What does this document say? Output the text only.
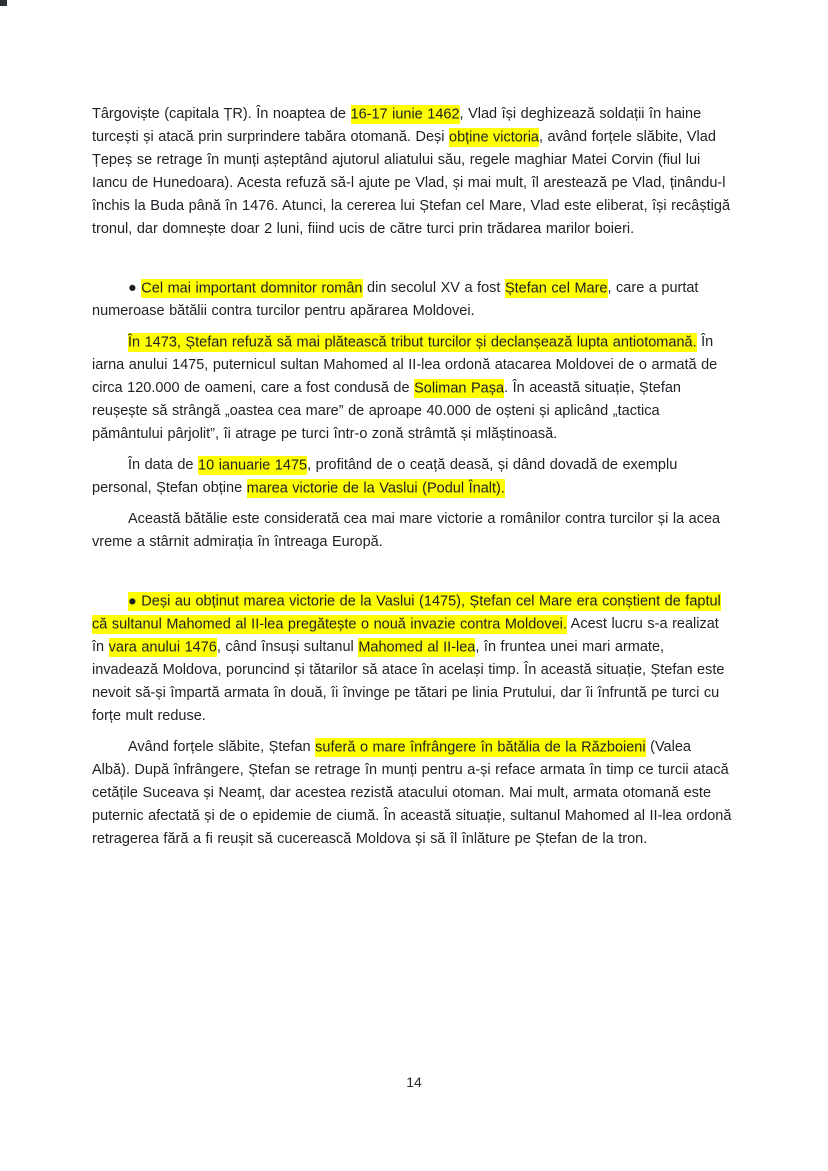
Târgoviște (capitala ȚR). În noaptea de 16-17 iunie 1462, Vlad își deghizează soldații în haine turcești și atacă prin surprindere tabăra otomană. Deși obține victoria, având forțele slăbite, Vlad Țepeș se retrage în munți așteptând ajutorul aliatului său, regele maghiar Matei Corvin (fiul lui Iancu de Hunedoara). Acesta refuză să-l ajute pe Vlad, și mai mult, îl arestează pe Vlad, ținându-l închis la Buda până în 1476. Atunci, la cererea lui Ștefan cel Mare, Vlad este eliberat, își recâștigă tronul, dar domnește doar 2 luni, fiind ucis de către turci prin trădarea marilor boieri.

● Cel mai important domnitor român din secolul XV a fost Ștefan cel Mare, care a purtat numeroase bătălii contra turcilor pentru apărarea Moldovei.

În 1473, Ștefan refuză să mai plătească tribut turcilor și declanșează lupta antiotomană. În iarna anului 1475, puternicul sultan Mahomed al II-lea ordonă atacarea Moldovei de o armată de circa 120.000 de oameni, care a fost condusă de Soliman Pașa. În această situație, Ștefan reușește să strângă „oastea cea mare” de aproape 40.000 de oșteni și aplicând „tactica pământului pârjolit”, îi atrage pe turci într-o zonă strâmtă și mlăștinoasă.

În data de 10 ianuarie 1475, profitând de o ceață deasă, și dând dovadă de exemplu personal, Ștefan obține marea victorie de la Vaslui (Podul Înalt).

Această bătălie este considerată cea mai mare victorie a românilor contra turcilor și la acea vreme a stârnit admirația în întreaga Europă.

● Deși au obținut marea victorie de la Vaslui (1475), Ștefan cel Mare era conștient de faptul că sultanul Mahomed al II-lea pregătește o nouă invazie contra Moldovei. Acest lucru s-a realizat în vara anului 1476, când însuși sultanul Mahomed al II-lea, în fruntea unei mari armate, invadează Moldova, poruncind și tătarilor să atace în același timp. În această situație, Ștefan este nevoit să-și împartă armata în două, îi învinge pe tătari pe linia Prutului, dar îi înfruntă pe turci cu forțe mult reduse.

Având forțele slăbite, Ștefan suferă o mare înfrângere în bătălia de la Războieni (Valea Albă). După înfrângere, Ștefan se retrage în munți pentru a-și reface armata în timp ce turcii atacă cetățile Suceava și Neamț, dar acestea rezistă atacului otoman. Mai mult, armata otomană este puternic afectată și de o epidemie de ciumă. În această situație, sultanul Mahomed al II-lea ordonă retragerea fără a fi reușit să cucerească Moldova și să îl înlăture pe Ștefan de la tron.

14
